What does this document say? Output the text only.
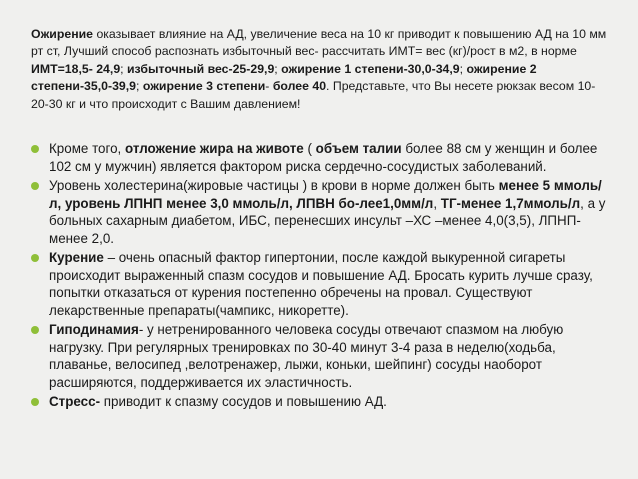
Ожирение оказывает влияние на АД, увеличение веса на 10 кг приводит к повышению АД на 10 мм рт ст, Лучший способ распознать избыточный вес- рассчитать ИМТ= вес (кг)/рост в м2, в норме ИМТ=18,5- 24,9; избыточный вес-25-29,9; ожирение 1 степени-30,0-34,9; ожирение 2 степени-35,0-39,9; ожирение 3 степени- более 40. Представьте, что Вы несете рюкзак весом 10-20-30 кг и что происходит с Вашим давлением!

Кроме того, отложение жира на животе ( объем талии более 88 см у женщин и более 102 см у мужчин) является фактором риска сердечно-сосудистых заболеваний.
Уровень холестерина(жировые частицы ) в крови в норме должен быть менее 5 ммоль/л, уровень ЛПНП менее 3,0 ммоль/л, ЛПВН бо-лее1,0мм/л, ТГ-менее 1,7ммоль/л, а у больных сахарным диабетом, ИБС, перенесших инсульт –ХС –менее 4,0(3,5), ЛПНП- менее 2,0.
Курение – очень опасный фактор гипертонии, после каждой выкуренной сигареты происходит выраженный спазм сосудов и повышение АД. Бросать курить лучше сразу, попытки отказаться от курения постепенно обречены на провал. Существуют лекарственные препараты(чампикс, никоретте).
Гиподинамия- у нетренированного человека сосуды отвечают спазмом на любую нагрузку. При регулярных тренировках по 30-40 минут 3-4 раза в неделю(ходьба, плаванье, велосипед ,велотренажер, лыжи, коньки, шейпинг) сосуды наоборот расширяются, поддерживается их эластичность.
Стресс- приводит к спазму сосудов и повышению АД.
